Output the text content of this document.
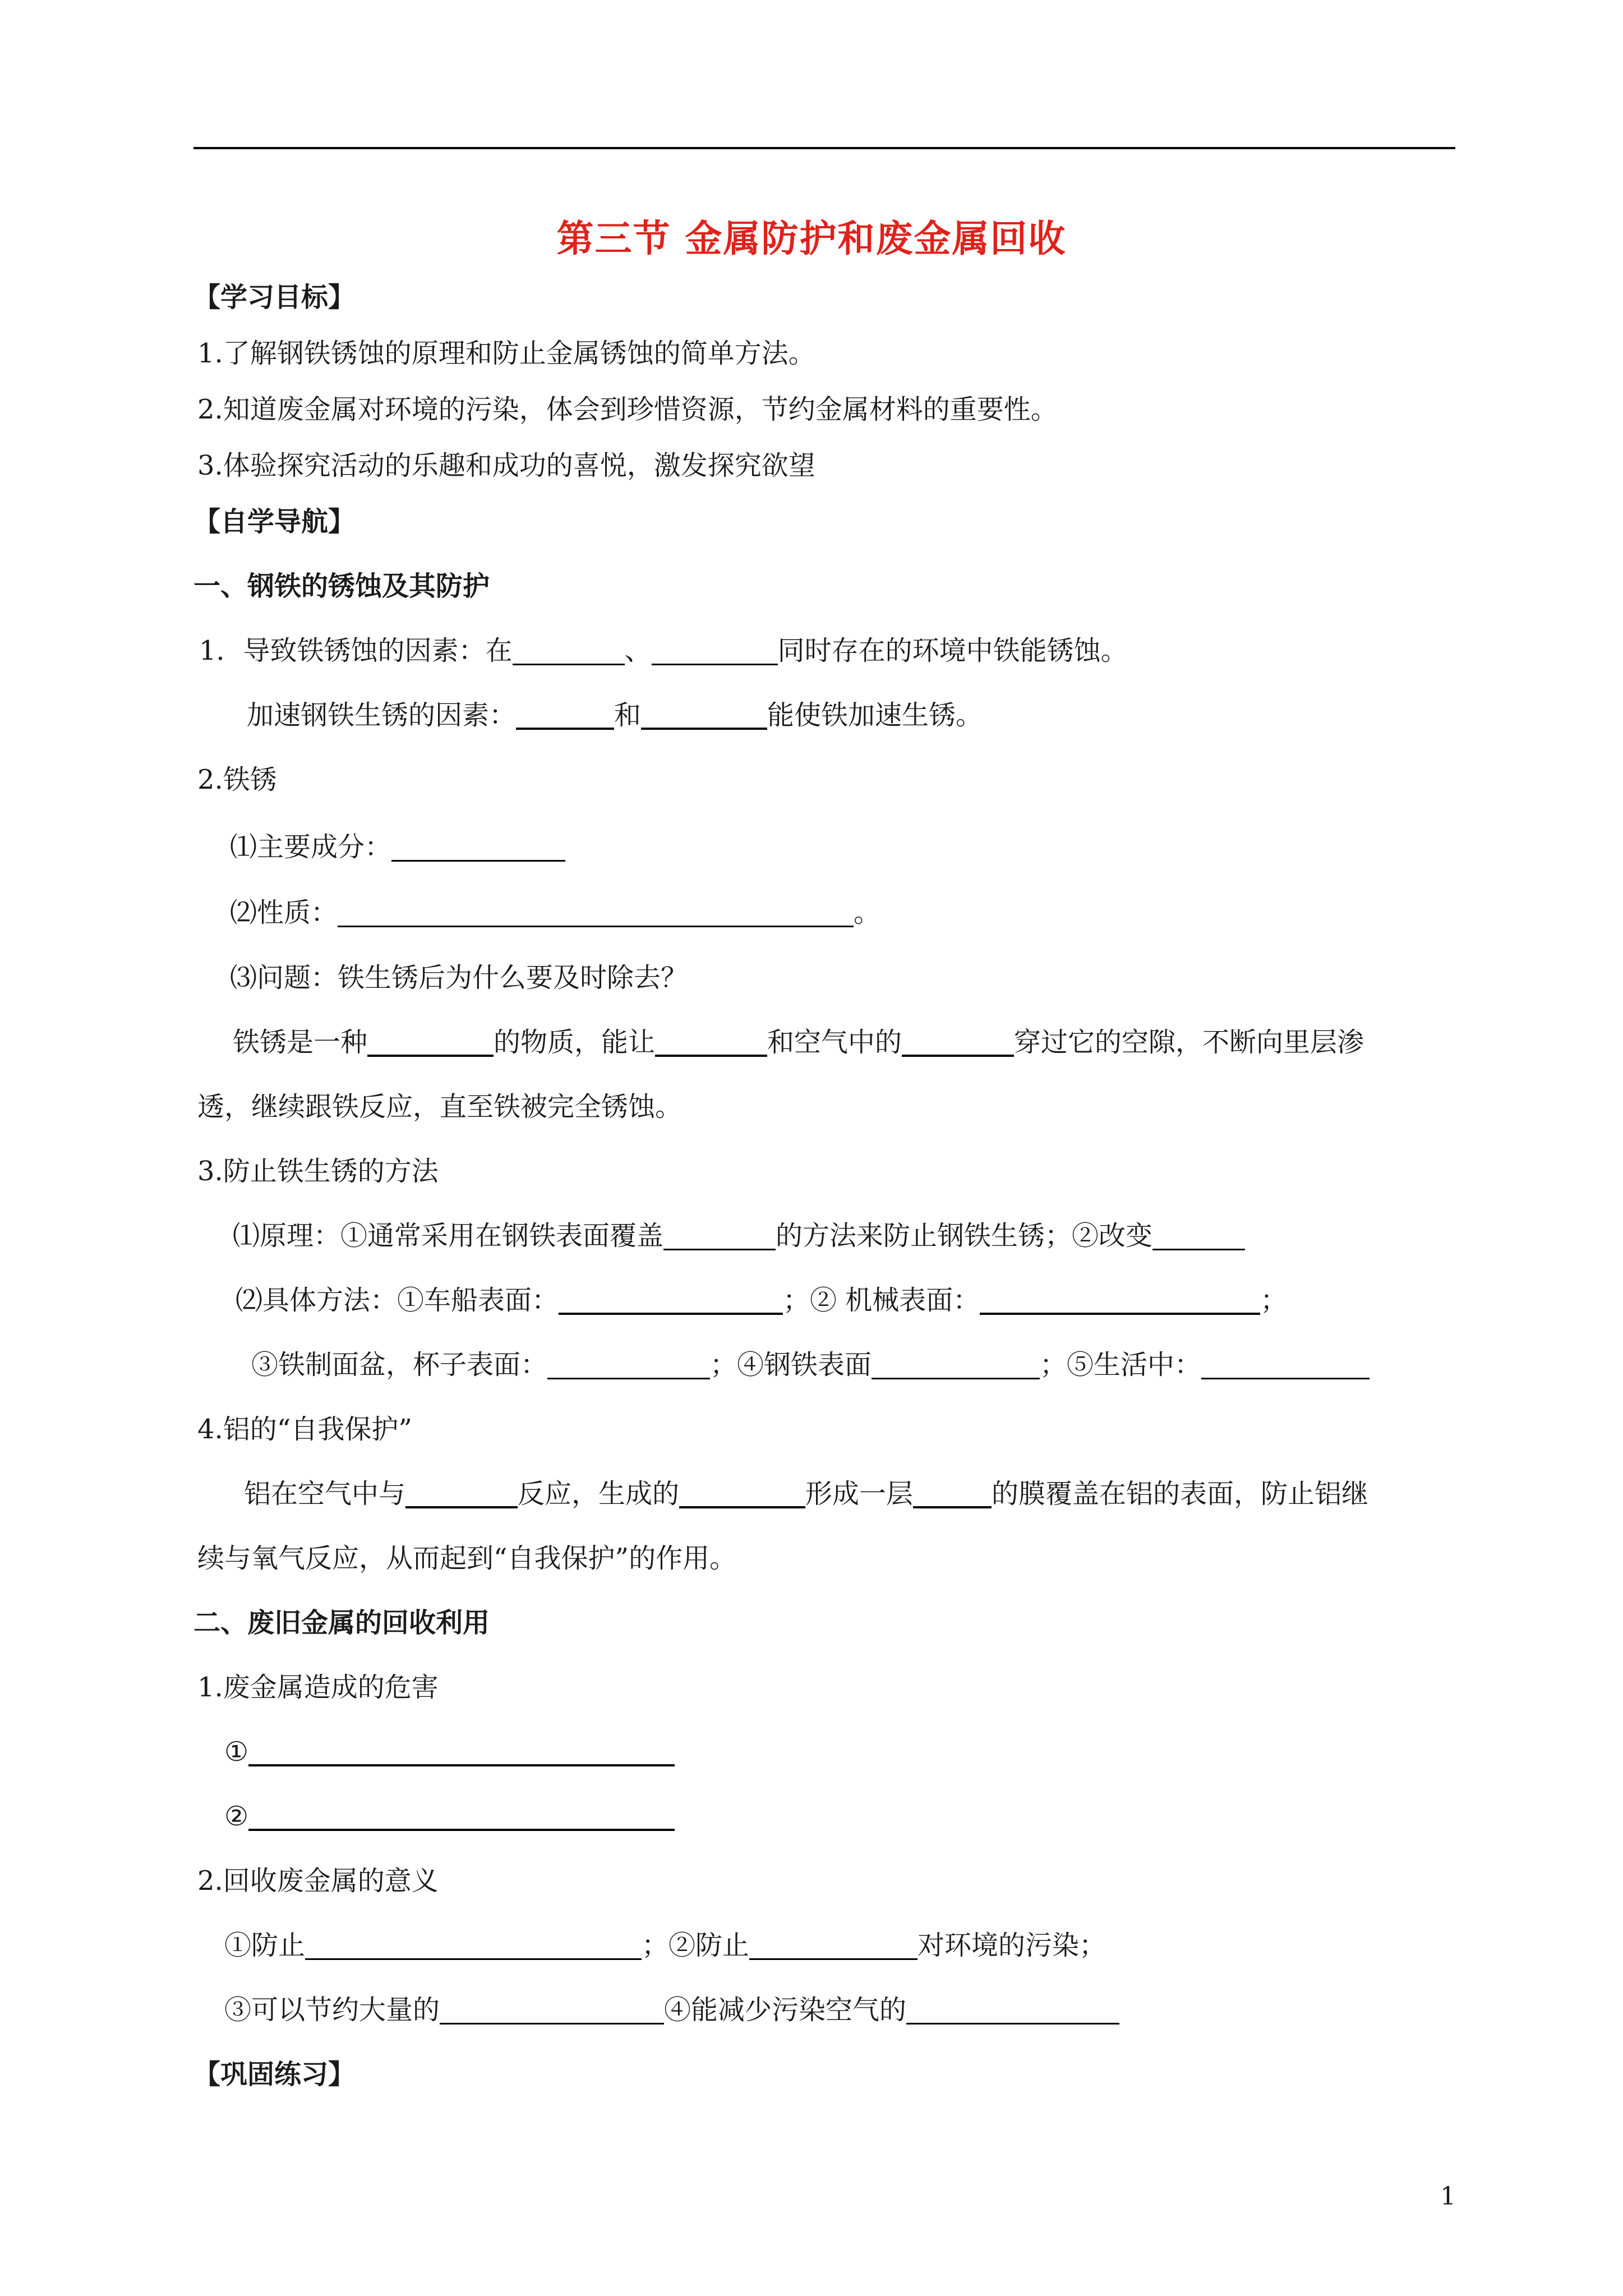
第三节 金属防护和废金属回收
【学习目标】
1.了解钢铁锈蚀的原理和防止金属锈蚀的简单方法。
2.知道废金属对环境的污染，体会到珍惜资源，节约金属材料的重要性。
3.体验探究活动的乐趣和成功的喜悦，激发探究欲望
【自学导航】
一、钢铁的锈蚀及其防护
1．导致铁锈蚀的因素：在	、	同时存在的环境中铁能锈蚀。
加速钢铁生锈的因素：	和	能使铁加速生锈。
2.铁锈
⑴主要成分：
⑵性质：	。
⑶问题：铁生锈后为什么要及时除去？
铁锈是一种	的物质，能让	和空气中的	穿过它的空隙，不断向里层渗
透，继续跟铁反应，直至铁被完全锈蚀。
3.防止铁生锈的方法
⑴原理：①通常采用在钢铁表面覆盖	的方法来防止钢铁生锈；②改变
⑵具体方法：①车船表面：	；② 机械表面：	；
③铁制面盆，杯子表面：	；④钢铁表面	；⑤生活中：
4.铝的“自我保护”
铝在空气中与	反应，生成的	形成一层	的膜覆盖在铝的表面，防止铝继
续与氧气反应，从而起到“自我保护”的作用。
二、废旧金属的回收利用
1.废金属造成的危害
①
②
2.回收废金属的意义
①防止	；②防止	对环境的污染；
③可以节约大量的	④能减少污染空气的
【巩固练习】
1
